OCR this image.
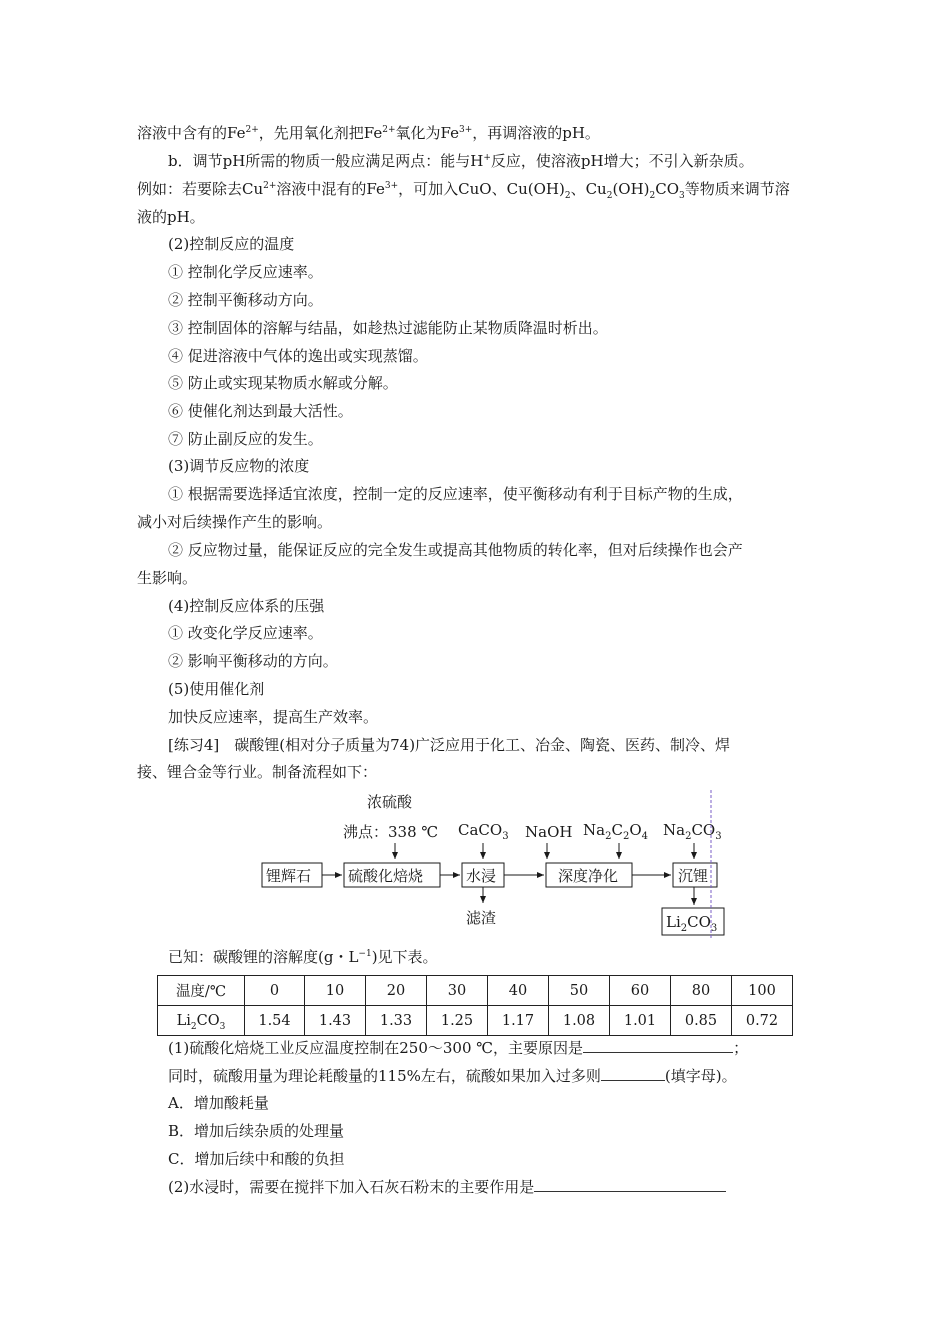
溶液中含有的$Fe^{2+}$，先用氧化剂把$Fe^{2+}$氧化为$Fe^{3+}$，再调溶液的pH。
b．调节pH所需的物质一般应满足两点：能与H+反应，使溶液pH增大；不引入新杂质。
例如：若要除去$Cu^{2+}$溶液中混有的$Fe^{3+}$，可加入CuO、$Cu(OH)_2$、$Cu_2(OH)_2CO_3$等物质来调节溶
液的pH。
(2)控制反应的温度
① 控制化学反应速率。
② 控制平衡移动方向。
③ 控制固体的溶解与结晶，如趁热过滤能防止某物质降温时析出。
④ 促进溶液中气体的逸出或实现蒸馏。
⑤ 防止或实现某物质水解或分解。
⑥ 使催化剂达到最大活性。
⑦ 防止副反应的发生。
(3)调节反应物的浓度
① 根据需要选择适宜浓度，控制一定的反应速率，使平衡移动有利于目标产物的生成，
减小对后续操作产生的影响。
② 反应物过量，能保证反应的完全发生或提高其他物质的转化率，但对后续操作也会产
生影响。
(4)控制反应体系的压强
① 改变化学反应速率。
② 影响平衡移动的方向。
(5)使用催化剂
加快反应速率，提高生产效率。
[练习4]　碳酸锂(相对分子质量为74)广泛应用于化工、冶金、陶瓷、医药、制冷、焊
接、锂合金等行业。制备流程如下：
浓硫酸
沸点：338 ℃ CaCO$_3$ NaOH $Na_2C_2O_4$ $Na_2CO_3$
锂辉石 硫酸化焙烧	水浸	深度净化	沉锂
滤渣	$Li_2CO_3$
已知：碳酸锂的溶解度(g・$L^{-1}$)见下表。
温度/℃	0	10	20	30	40	50	60	80	100
$Li_2CO_3$	1.54	1.43	1.33	1.25	1.17	1.08	1.01	0.85	0.72
(1)硫酸化焙烧工业反应温度控制在250～300 ℃，主要原因是	；
同时，硫酸用量为理论耗酸量的115%左右，硫酸如果加入过多则	(填字母)。
A．增加酸耗量
B．增加后续杂质的处理量
C．增加后续中和酸的负担
(2)水浸时，需要在搅拌下加入石灰石粉末的主要作用是
